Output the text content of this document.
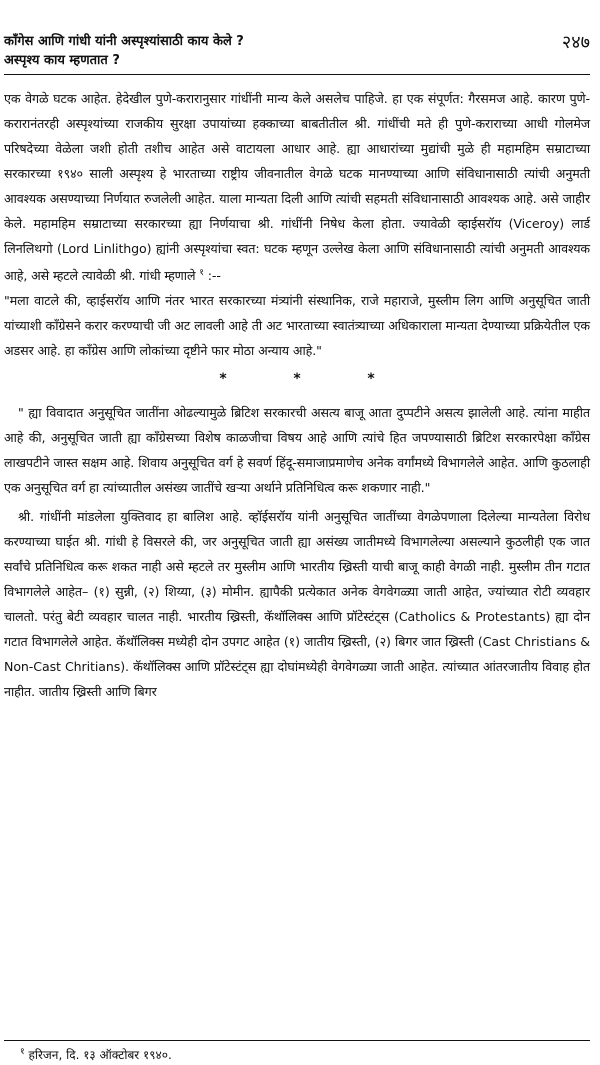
काँगेस आणि गांधी यांनी अस्पृश्यांसाठी काय केले ?
अस्पृश्य काय म्हणतात ?
२४७

एक वेगळे घटक आहेत. हेदेखील पुणे-करारानुसार गांधींनी मान्य केले असलेच पाहिजे. हा एक संपूर्णत: गैरसमज आहे. कारण पुणे-करारानंतरही अस्पृश्यांच्या राजकीय सुरक्षा उपायांच्या हक्काच्या बाबतीतील श्री. गांधींची मते ही पुणे-कराराच्या आधी गोलमेज परिषदेच्या वेळेला जशी होती तशीच आहेत असे वाटायला आधार आहे. ह्या आधारांच्या मुद्यांची मुळे ही महामहिम सम्राटाच्या सरकारच्या १९४० साली अस्पृश्य हे भारताच्या राष्ट्रीय जीवनातील वेगळे घटक मानण्याच्या आणि संविधानासाठी त्यांची अनुमती आवश्यक असण्याच्या निर्णयात रुजलेली आहेत. याला मान्यता दिली आणि त्यांची सहमती संविधानासाठी आवश्यक आहे. असे जाहीर केले. महामहिम सम्राटाच्या सरकारच्या ह्या निर्णयाचा श्री. गांधींनी निषेध केला होता. ज्यावेळी व्हाईसरॉय (Viceroy) लार्ड लिनलिथगो (Lord Linlithgo) ह्यांनी अस्पृश्यांचा स्वत: घटक म्हणून उल्लेख केला आणि संविधानासाठी त्यांची अनुमती आवश्यक आहे, असे म्हटले त्यावेळी श्री. गांधी म्हणाले $^१$ :--

"मला वाटले की, व्हाईसरॉय आणि नंतर भारत सरकारच्या मंत्र्यांनी संस्थानिक, राजे महाराजे, मुस्लीम लिग आणि अनुसूचित जाती यांच्याशी कॉंग्रेसने करार करण्याची जी अट लावली आहे ती अट भारताच्या स्वातंत्र्याच्या अधिकाराला मान्यता देण्याच्या प्रक्रियेतील एक अडसर आहे. हा कॉंग्रेस आणि लोकांच्या दृष्टीने फार मोठा अन्याय आहे."

* * *

" ह्या विवादात अनुसूचित जातींना ओढल्यामुळे ब्रिटिश सरकारची असत्य बाजू आता दुप्पटीने असत्य झालेली आहे. त्यांना माहीत आहे की, अनुसूचित जाती ह्या कॉंग्रेसच्या विशेष काळजीचा विषय आहे आणि त्यांचे हित जपण्यासाठी ब्रिटिश सरकारपेक्षा कॉंग्रेस लाखपटीने जास्त सक्षम आहे. शिवाय अनुसूचित वर्ग हे सवर्ण हिंदू-समाजाप्रमाणेच अनेक वर्गांमध्ये विभागलेले आहेत. आणि कुठलाही एक अनुसूचित वर्ग हा त्यांच्यातील असंख्य जातींचे खऱ्या अर्थाने प्रतिनिधित्व करू शकणार नाही."

श्री. गांधींनी मांडलेला युक्तिवाद हा बालिश आहे. व्हॉईसरॉय यांनी अनुसूचित जातींच्या वेगळेपणाला दिलेल्या मान्यतेला विरोध करण्याच्या घाईत श्री. गांधी हे विसरले की, जर अनुसूचित जाती ह्या असंख्य जातीमध्ये विभागलेल्या असल्याने कुठलीही एक जात सर्वांचे प्रतिनिधित्व करू शकत नाही असे म्हटले तर मुस्लीम आणि भारतीय ख्रिस्ती याची बाजू काही वेगळी नाही. मुस्लीम तीन गटात विभागलेले आहेत– (१) सुन्नी, (२) शिय्या, (३) मोमीन. ह्यापैकी प्रत्येकात अनेक वेगवेगळ्या जाती आहेत, ज्यांच्यात रोटी व्यवहार चालतो. परंतु बेटी व्यवहार चालत नाही. भारतीय ख्रिस्ती, कॅथॉलिक्स आणि प्रॉटेस्टंट्स (Catholics & Protestants) ह्या दोन गटात विभागलेले आहेत. कॅथॉलिक्स मध्येही दोन उपगट आहेत (१) जातीय ख्रिस्ती, (२) बिगर जात ख्रिस्ती (Cast Christians & Non-Cast Chritians). कॅथॉलिक्स आणि प्रॉटेस्टंट्स ह्या दोघांमध्येही वेगवेगळ्या जाती आहेत. त्यांच्यात आंतरजातीय विवाह होत नाहीत. जातीय ख्रिस्ती आणि बिगर

$^१$ हरिजन, दि. १३ ऑक्टोबर १९४०.
